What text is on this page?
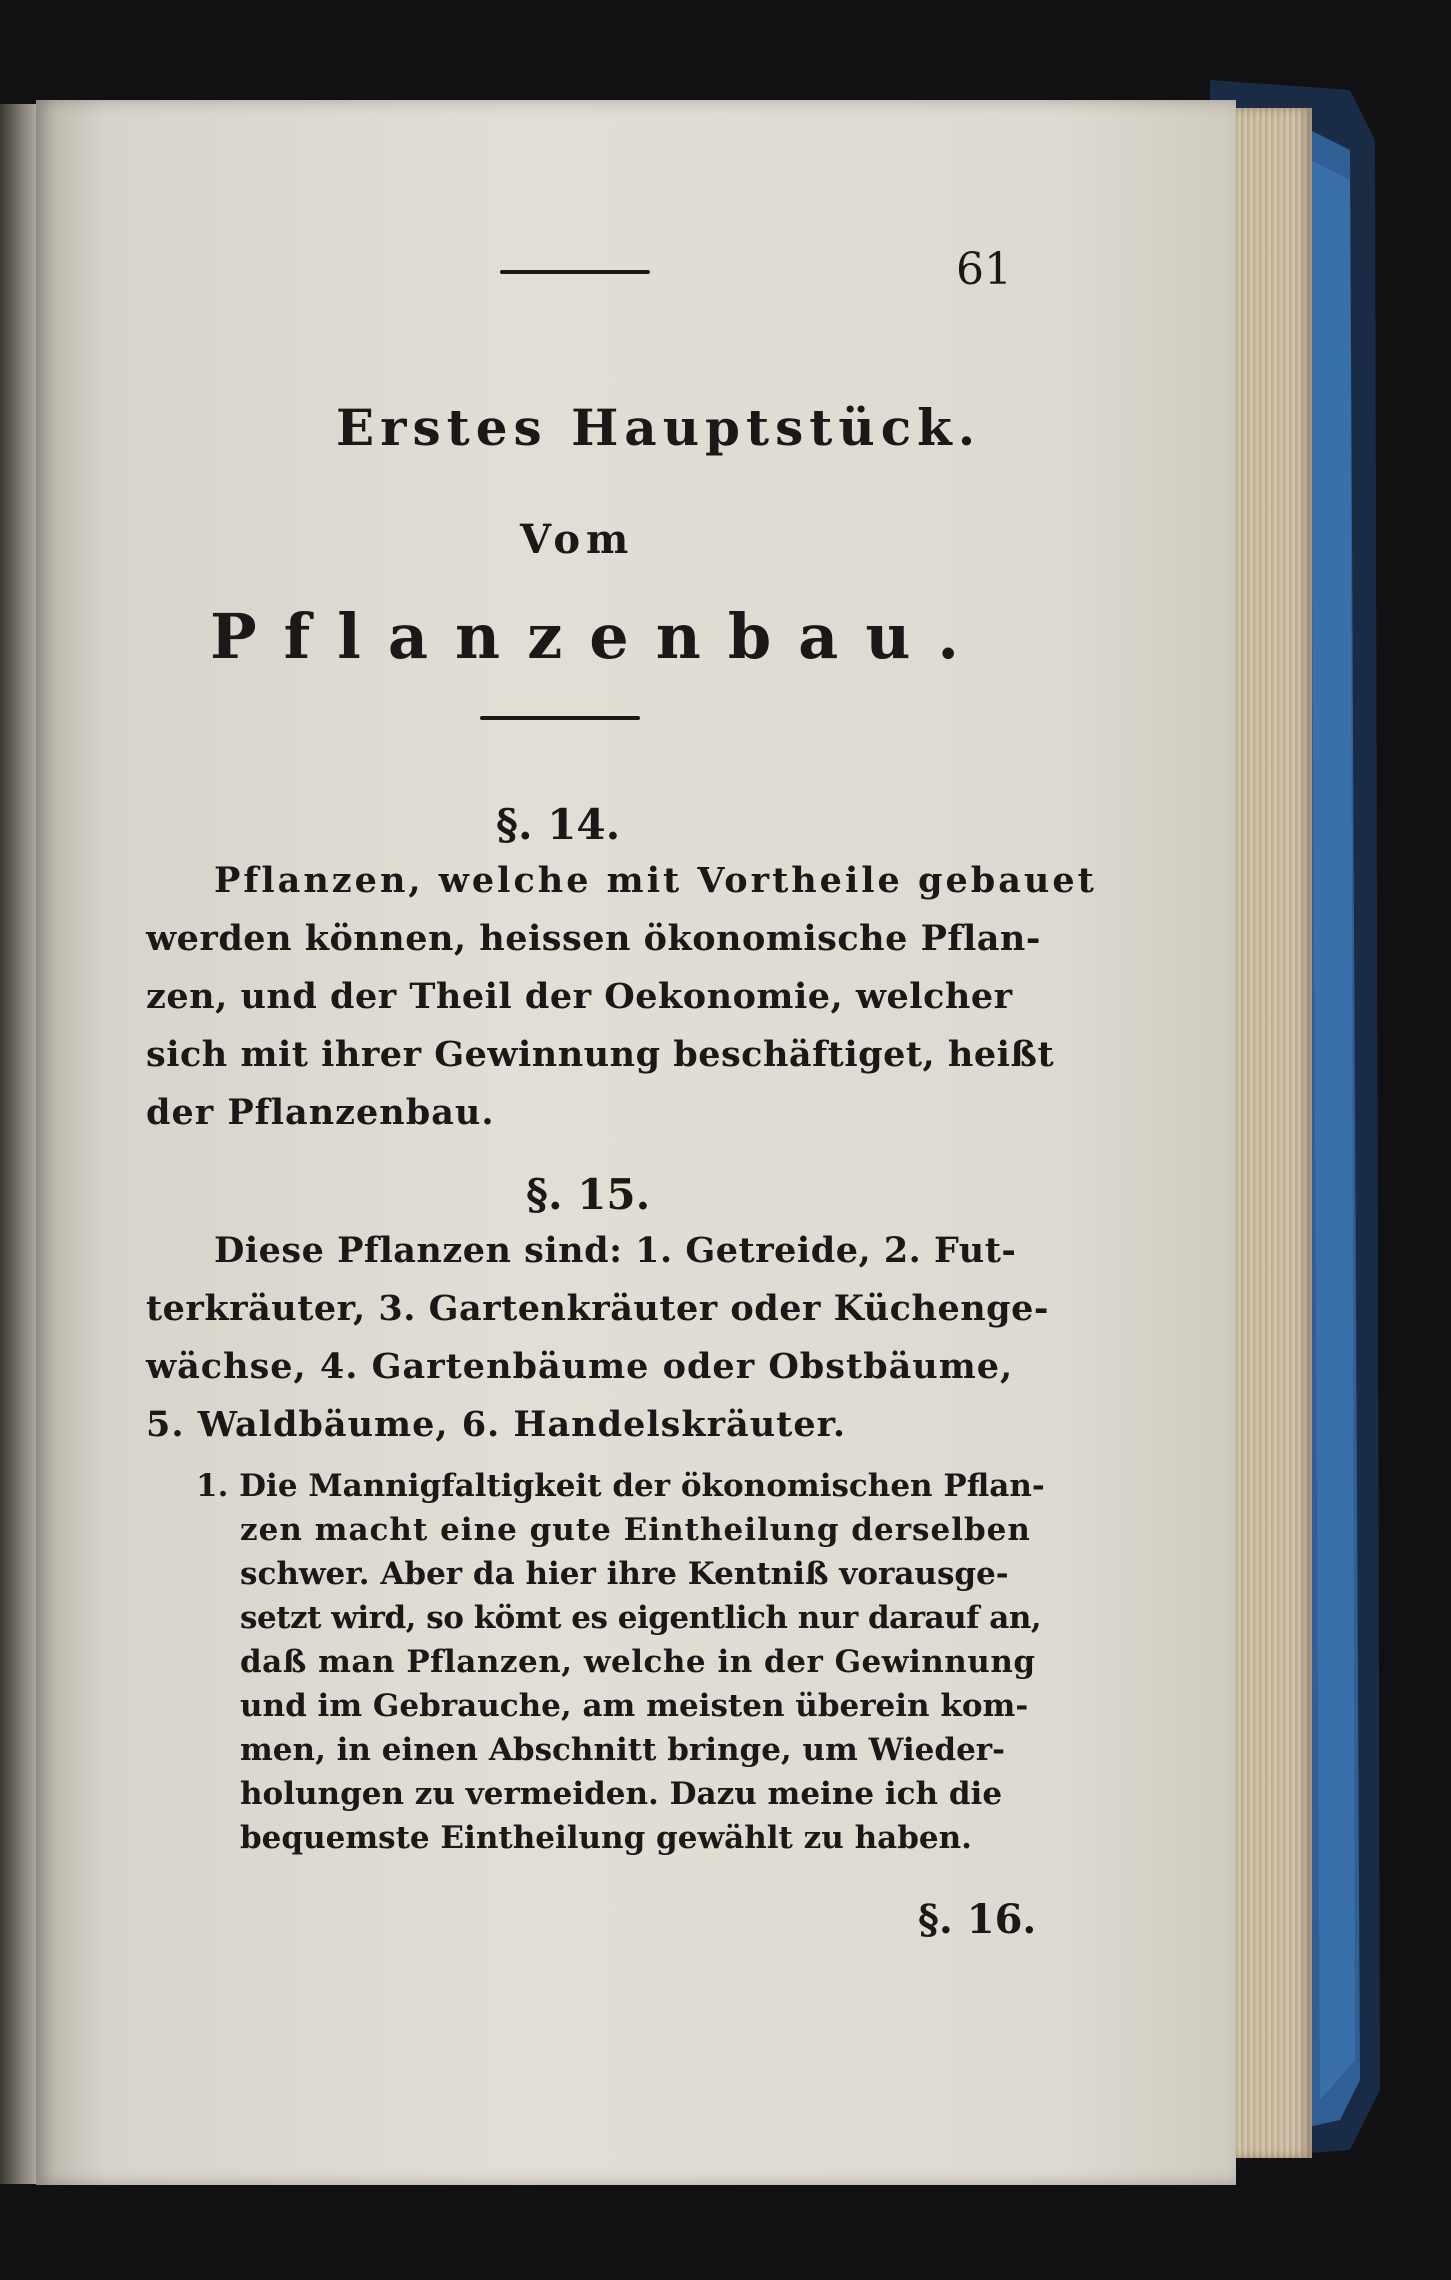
61
Erstes Hauptstück.
Vom
Pflanzenbau.
§. 14.
Pflanzen, welche mit Vortheile gebauet
werden können, heissen ökonomische Pflan-
zen, und der Theil der Oekonomie, welcher
sich mit ihrer Gewinnung beschäftiget, heißt
der Pflanzenbau.
§. 15.
Diese Pflanzen sind: 1. Getreide, 2. Fut-
terkräuter, 3. Gartenkräuter oder Küchenge-
wächse, 4. Gartenbäume oder Obstbäume,
5. Waldbäume, 6. Handelskräuter.
1. Die Mannigfaltigkeit der ökonomischen Pflan-
zen macht eine gute Eintheilung derselben
schwer. Aber da hier ihre Kentniß vorausge-
setzt wird, so kömt es eigentlich nur darauf an,
daß man Pflanzen, welche in der Gewinnung
und im Gebrauche, am meisten überein kom-
men, in einen Abschnitt bringe, um Wieder-
holungen zu vermeiden. Dazu meine ich die
bequemste Eintheilung gewählt zu haben.
§. 16.
